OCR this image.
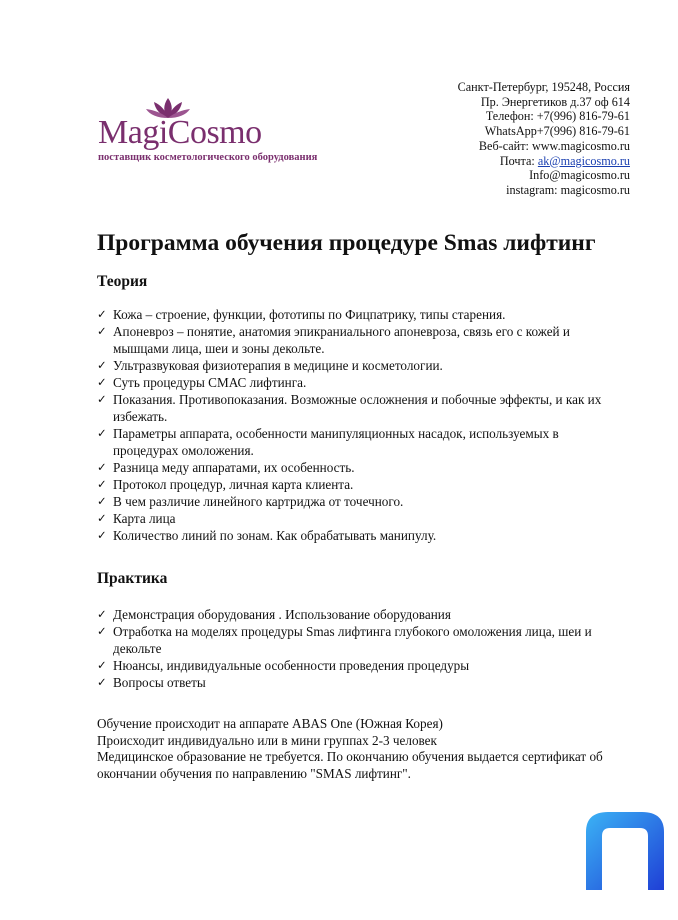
MagiCosmo
поставщик косметологического оборудования
Санкт-Петербург, 195248, Россия
Пр. Энергетиков д.37 оф 614
Телефон: +7(996) 816-79-61
WhatsApp+7(996) 816-79-61
Веб-сайт: www.magicosmo.ru
Почта: ak@magicosmo.ru
Info@magicosmo.ru
instagram: magicosmo.ru
Программа обучения процедуре Smas лифтинг
Теория
✓ Кожа – строение, функции, фототипы по Фицпатрику, типы старения.
✓ Апоневроз – понятие, анатомия эпикраниального апоневроза, связь его с кожей и мышцами лица, шеи и зоны декольте.
✓ Ультразвуковая физиотерапия в медицине и косметологии.
✓ Суть процедуры СМАС лифтинга.
✓ Показания. Противопоказания. Возможные осложнения и побочные эффекты, и как их избежать.
✓ Параметры аппарата, особенности манипуляционных насадок, используемых в процедурах омоложения.
✓ Разница меду аппаратами, их особенность.
✓ Протокол процедур, личная карта клиента.
✓ В чем различие линейного картриджа от точечного.
✓ Карта лица
✓ Количество линий по зонам. Как обрабатывать манипулу.
Практика
✓ Демонстрация оборудования . Использование оборудования
✓ Отработка на моделях процедуры Smas лифтинга глубокого омоложения лица, шеи и декольте
✓ Нюансы, индивидуальные особенности проведения процедуры
✓ Вопросы ответы
Обучение происходит на аппарате ABAS One (Южная Корея)
Происходит индивидуально или в мини группах 2-3 человек
Медицинское образование не требуется. По окончанию обучения выдается сертификат об окончании обучения по направлению "SMAS лифтинг".
